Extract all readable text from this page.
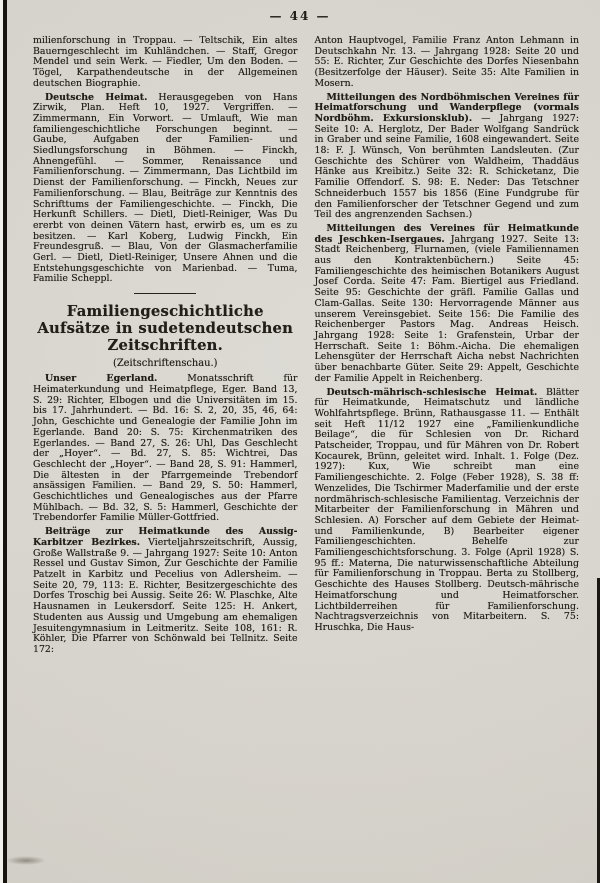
— 44 —

milienforschung in Troppau. — Teltschik, Ein altes Bauerngeschlecht im Kuhländchen. — Staff, Gregor Mendel und sein Werk. — Fiedler, Um den Boden. — Tögel, Karpathendeutsche in der Allgemeinen deutschen Biographie.

Deutsche Heimat. Herausgegeben von Hans Zirwik, Plan. Heft 10, 1927. Vergriffen. — Zimmermann, Ein Vorwort. — Umlauft, Wie man familiengeschichtliche Forschungen beginnt. — Gaube, Aufgaben der Familien- und Siedlungsforschung in Böhmen. — Finckh, Ahnengefühl. — Sommer, Renaissance und Familienforschung. — Zimmermann, Das Lichtbild im Dienst der Familienforschung. — Finckh, Neues zur Familienforschung. — Blau, Beiträge zur Kenntnis des Schrifttums der Familiengeschichte. — Finckh, Die Herkunft Schillers. — Dietl, Dietl-Reiniger, Was Du ererbt von deinen Vätern hast, erwirb es, um es zu besitzen. — Karl Koberg, Ludwig Finckh, Ein Freundesgruß. — Blau, Von der Glasmacherfamilie Gerl. — Dietl, Dietl-Reiniger, Unsere Ahnen und die Entstehungsgeschichte von Marienbad. — Tuma, Familie Scheppl.

Familiengeschichtliche Aufsätze in sudetendeutschen Zeitschriften.
(Zeitschriftenschau.)

Unser Egerland. Monatsschrift für Heimaterkundung und Heimatpflege, Eger. Band 13, S. 29: Richter, Elbogen und die Universitäten im 15. bis 17. Jahrhundert. — Bd. 16: S. 2, 20, 35, 46, 64: John, Geschichte und Genealogie der Familie John im Egerlande. Band 20: S. 75: Kirchenmatriken des Egerlandes. — Band 27, S. 26: Uhl, Das Geschlecht der „Hoyer“. — Bd. 27, S. 85: Wichtrei, Das Geschlecht der „Hoyer“. — Band 28, S. 91: Hammerl, Die ältesten in der Pfarrgemeinde Trebendorf ansässigen Familien. — Band 29, S. 50: Hammerl, Geschichtliches und Genealogisches aus der Pfarre Mühlbach. — Bd. 32, S. 5: Hammerl, Geschichte der Trebendorfer Familie Müller-Gottfried.

Beiträge zur Heimatkunde des Aussig-Karbitzer Bezirkes. Vierteljahrszeitschrift, Aussig, Große Wallstraße 9. — Jahrgang 1927: Seite 10: Anton Ressel und Gustav Simon, Zur Geschichte der Familie Patzelt in Karbitz und Pecelius von Adlersheim. — Seite 20, 79, 113: E. Richter, Besitzergeschichte des Dorfes Troschig bei Aussig. Seite 26: W. Plaschke, Alte Hausnamen in Leukersdorf. Seite 125: H. Ankert, Studenten aus Aussig und Umgebung am ehemaligen Jesuitengymnasium in Leitmeritz. Seite 108, 161: R. Köhler, Die Pfarrer von Schönwald bei Tellnitz. Seite 172:

Anton Hauptvogel, Familie Franz Anton Lehmann in Deutschkahn Nr. 13. — Jahrgang 1928: Seite 20 und 55: E. Richter, Zur Geschichte des Dorfes Niesenbahn (Besitzerfolge der Häuser). Seite 35: Alte Familien in Mosern.

Mitteilungen des Nordböhmischen Vereines für Heimatforschung und Wanderpflege (vormals Nordböhm. Exkursionsklub). — Jahrgang 1927: Seite 10: A. Herglotz, Der Bader Wolfgang Sandrück in Graber und seine Familie, 1608 eingewandert. Seite 18: F. J. Wünsch, Von berühmten Landsleuten. (Zur Geschichte des Schürer von Waldheim, Thaddäus Hänke aus Kreibitz.) Seite 32: R. Schicketanz, Die Familie Offendorf. S. 98: E. Neder: Das Tetschner Schneiderbuch 1557 bis 1856 (Eine Fundgrube für den Familienforscher der Tetschner Gegend und zum Teil des angrenzenden Sachsen.)

Mitteilungen des Vereines für Heimatkunde des Jeschken-Isergaues. Jahrgang 1927. Seite 13: Stadt Reichenberg, Flurnamen, (viele Familiennamen aus den Kontraktenbüchern.) Seite 45: Familiengeschichte des heimischen Botanikers August Josef Corda. Seite 47: Fam. Biertigel aus Friedland. Seite 95: Geschichte der gräfl. Familie Gallas und Clam-Gallas. Seite 130: Hervorragende Männer aus unserem Vereinsgebiet. Seite 156: Die Familie des Reichenberger Pastors Mag. Andreas Heisch. Jahrgang 1928: Seite 1: Grafenstein, Urbar der Herrschaft. Seite 1: Böhm.-Aicha. Die ehemaligen Lehensgüter der Herrschaft Aicha nebst Nachrichten über benachbarte Güter. Seite 29: Appelt, Geschichte der Familie Appelt in Reichenberg.

Deutsch-mährisch-schlesische Heimat. Blätter für Heimatkunde, Heimatschutz und ländliche Wohlfahrtspflege. Brünn, Rathausgasse 11. — Enthält seit Heft 11/12 1927 eine „Familienkundliche Beilage“, die für Schlesien von Dr. Richard Patscheider, Troppau, und für Mähren von Dr. Robert Kocaurek, Brünn, geleitet wird. Inhalt. 1. Folge (Dez. 1927): Kux, Wie schreibt man eine Familiengeschichte. 2. Folge (Feber 1928), S. 38 ff: Wenzelides, Die Tschirmer Maderfamilie und der erste nordmährisch-schlesische Familientag. Verzeichnis der Mitarbeiter der Familienforschung in Mähren und Schlesien. A) Forscher auf dem Gebiete der Heimat- und Familienkunde, B) Bearbeiter eigener Familiengeschichten. Behelfe zur Familiengeschichtsforschung. 3. Folge (April 1928) S. 95 ff.: Materna, Die naturwissenschaftliche Abteilung für Familienforschung in Troppau. Berta zu Stollberg, Geschichte des Hauses Stollberg. Deutsch-mährische Heimatforschung und Heimatforscher. Lichtbilderreihen für Familienforschung. Nachtragsverzeichnis von Mitarbeitern. S. 75: Hruschka, Die Haus-
